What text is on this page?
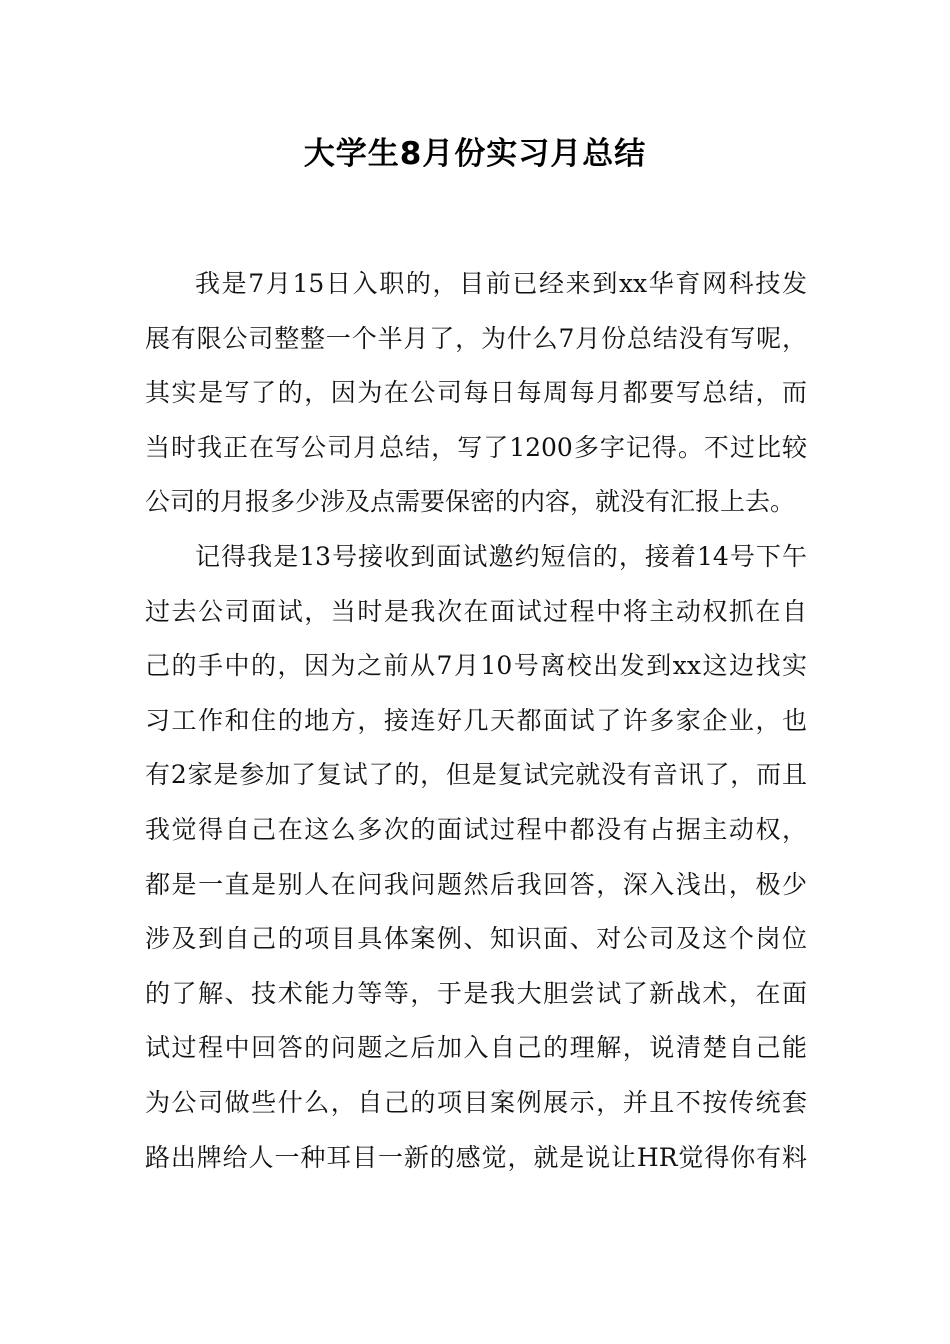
大学生8月份实习月总结

我是7月15日入职的，目前已经来到xx华育网科技发
展有限公司整整一个半月了，为什么7月份总结没有写呢，
其实是写了的，因为在公司每日每周每月都要写总结，而
当时我正在写公司月总结，写了1200多字记得。不过比较
公司的月报多少涉及点需要保密的内容，就没有汇报上去。

记得我是13号接收到面试邀约短信的，接着14号下午
过去公司面试，当时是我次在面试过程中将主动权抓在自
己的手中的，因为之前从7月10号离校出发到xx这边找实
习工作和住的地方，接连好几天都面试了许多家企业，也
有2家是参加了复试了的，但是复试完就没有音讯了，而且
我觉得自己在这么多次的面试过程中都没有占据主动权，
都是一直是别人在问我问题然后我回答，深入浅出，极少
涉及到自己的项目具体案例、知识面、对公司及这个岗位
的了解、技术能力等等，于是我大胆尝试了新战术，在面
试过程中回答的问题之后加入自己的理解，说清楚自己能
为公司做些什么，自己的项目案例展示，并且不按传统套
路出牌给人一种耳目一新的感觉，就是说让HR觉得你有料
